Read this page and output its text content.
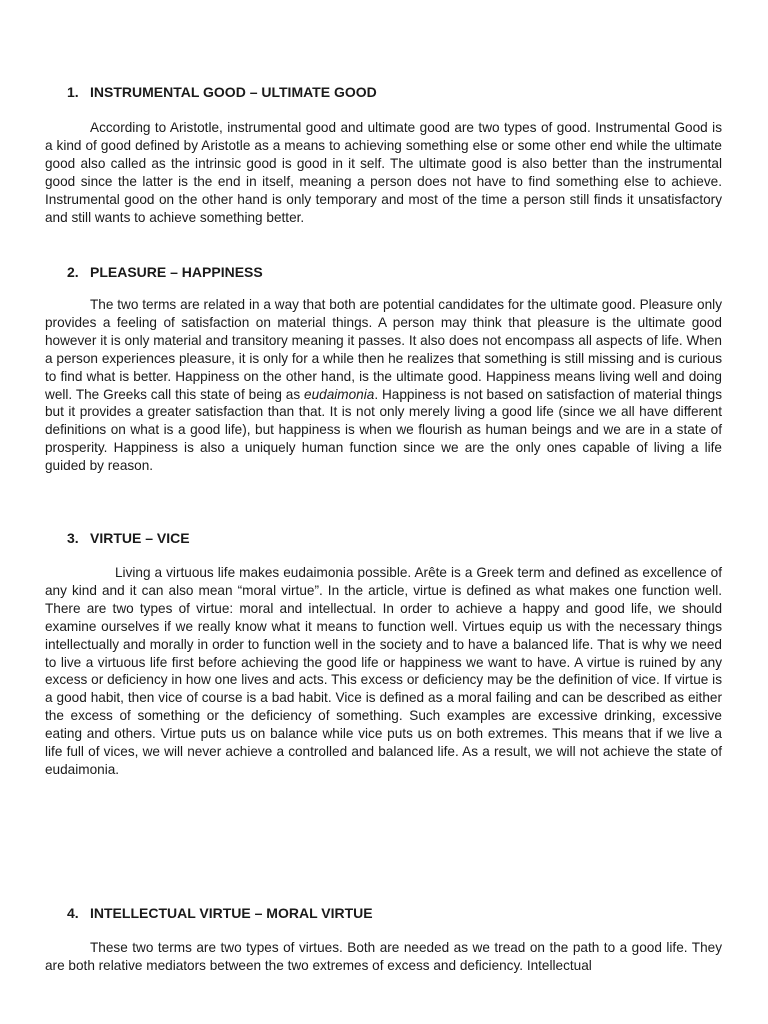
1. INSTRUMENTAL GOOD – ULTIMATE GOOD

According to Aristotle, instrumental good and ultimate good are two types of good. Instrumental Good is a kind of good defined by Aristotle as a means to achieving something else or some other end while the ultimate good also called as the intrinsic good is good in it self. The ultimate good is also better than the instrumental good since the latter is the end in itself, meaning a person does not have to find something else to achieve. Instrumental good on the other hand is only temporary and most of the time a person still finds it unsatisfactory and still wants to achieve something better.

2. PLEASURE – HAPPINESS

The two terms are related in a way that both are potential candidates for the ultimate good. Pleasure only provides a feeling of satisfaction on material things. A person may think that pleasure is the ultimate good however it is only material and transitory meaning it passes. It also does not encompass all aspects of life. When a person experiences pleasure, it is only for a while then he realizes that something is still missing and is curious to find what is better. Happiness on the other hand, is the ultimate good. Happiness means living well and doing well. The Greeks call this state of being as eudaimonia. Happiness is not based on satisfaction of material things but it provides a greater satisfaction than that. It is not only merely living a good life (since we all have different definitions on what is a good life), but happiness is when we flourish as human beings and we are in a state of prosperity. Happiness is also a uniquely human function since we are the only ones capable of living a life guided by reason.

3. VIRTUE – VICE

Living a virtuous life makes eudaimonia possible. Arête is a Greek term and defined as excellence of any kind and it can also mean “moral virtue”. In the article, virtue is defined as what makes one function well. There are two types of virtue: moral and intellectual. In order to achieve a happy and good life, we should examine ourselves if we really know what it means to function well. Virtues equip us with the necessary things intellectually and morally in order to function well in the society and to have a balanced life. That is why we need to live a virtuous life first before achieving the good life or happiness we want to have. A virtue is ruined by any excess or deficiency in how one lives and acts. This excess or deficiency may be the definition of vice. If virtue is a good habit, then vice of course is a bad habit. Vice is defined as a moral failing and can be described as either the excess of something or the deficiency of something. Such examples are excessive drinking, excessive eating and others. Virtue puts us on balance while vice puts us on both extremes. This means that if we live a life full of vices, we will never achieve a controlled and balanced life. As a result, we will not achieve the state of eudaimonia.

4. INTELLECTUAL VIRTUE – MORAL VIRTUE

These two terms are two types of virtues. Both are needed as we tread on the path to a good life. They are both relative mediators between the two extremes of excess and deficiency. Intellectual
